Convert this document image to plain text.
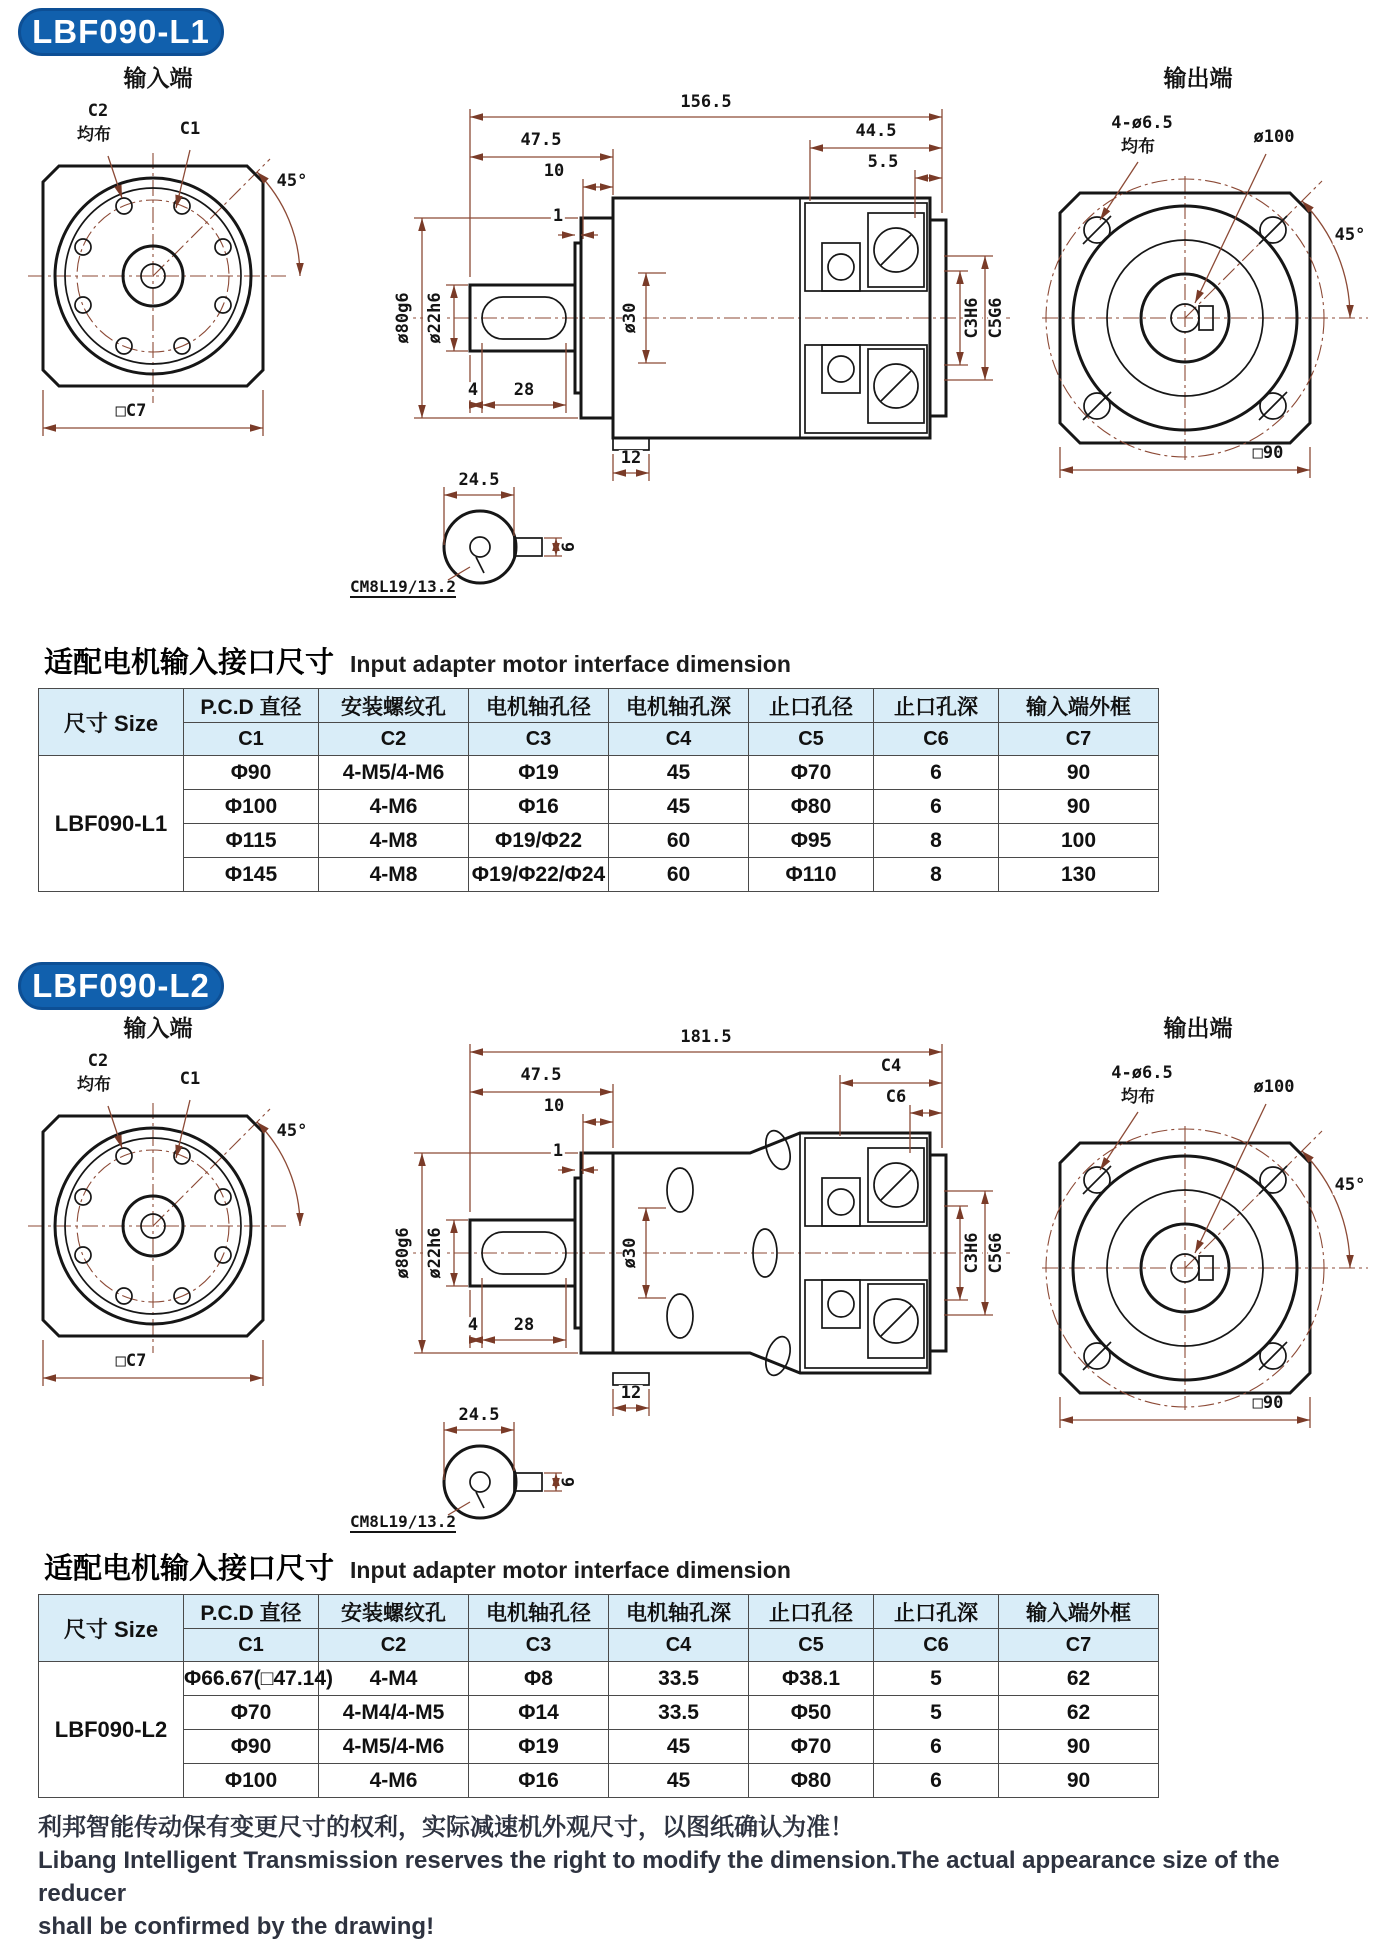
LBF090-L1
输入端
C2
均布	C1
45°
□C7
156.5
47.5
10
1
44.5
5.5
ø80g6 ø22h6	ø30	C3H6 C5G6
4 28
12
24.5
6
CM8L19/13.2
输出端
4-ø6.5
均布	ø100
45°
□90
适配电机输入接口尺寸 Input adapter motor interface dimension
尺寸 Size	P.C.D 直径	安装螺纹孔	电机轴孔径	电机轴孔深	止口孔径	止口孔深	输入端外框
	C1	C2	C3	C4	C5	C6	C7
LBF090-L1	Φ90	4-M5/4-M6	Φ19	45	Φ70	6	90
	Φ100	4-M6	Φ16	45	Φ80	6	90
	Φ115	4-M8	Φ19/Φ22	60	Φ95	8	100
	Φ145	4-M8	Φ19/Φ22/Φ24	60	Φ110	8	130
LBF090-L2
输入端
C2
均布	C1
45°
□C7
181.5
47.5
10
1
C4
C6
ø80g6 ø22h6	ø30	C3H6 C5G6
4 28
12
24.5
6
CM8L19/13.2
输出端
4-ø6.5
均布	ø100
45°
□90
适配电机输入接口尺寸 Input adapter motor interface dimension
尺寸 Size	P.C.D 直径	安装螺纹孔	电机轴孔径	电机轴孔深	止口孔径	止口孔深	输入端外框
	C1	C2	C3	C4	C5	C6	C7
LBF090-L2	Φ66.67(□47.14)	4-M4	Φ8	33.5	Φ38.1	5	62
	Φ70	4-M4/4-M5	Φ14	33.5	Φ50	5	62
	Φ90	4-M5/4-M6	Φ19	45	Φ70	6	90
	Φ100	4-M6	Φ16	45	Φ80	6	90
利邦智能传动保有变更尺寸的权利，实际减速机外观尺寸，以图纸确认为准！
Libang Intelligent Transmission reserves the right to modify the dimension.The actual appearance size of the reducer
shall be confirmed by the drawing!
